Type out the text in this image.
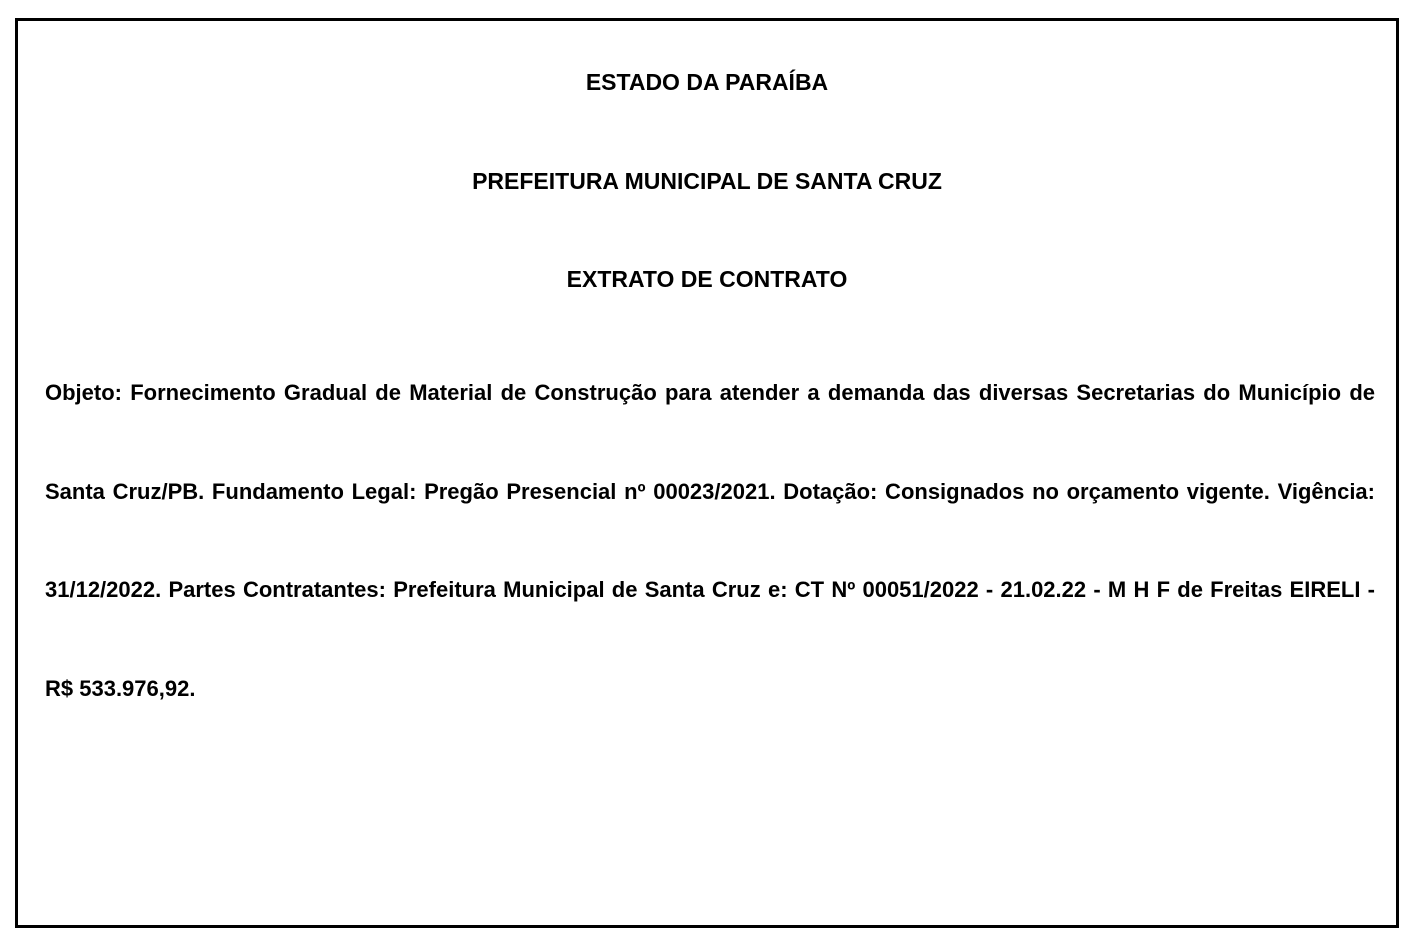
ESTADO DA PARAÍBA
PREFEITURA MUNICIPAL DE SANTA CRUZ
EXTRATO DE CONTRATO

Objeto: Fornecimento Gradual de Material de Construção para atender a demanda das diversas Secretarias do Município de Santa Cruz/PB. Fundamento Legal: Pregão Presencial nº 00023/2021. Dotação: Consignados no orçamento vigente. Vigência: 31/12/2022. Partes Contratantes: Prefeitura Municipal de Santa Cruz e: CT Nº 00051/2022 - 21.02.22 - M H F de Freitas EIRELI - R$ 533.976,92.
